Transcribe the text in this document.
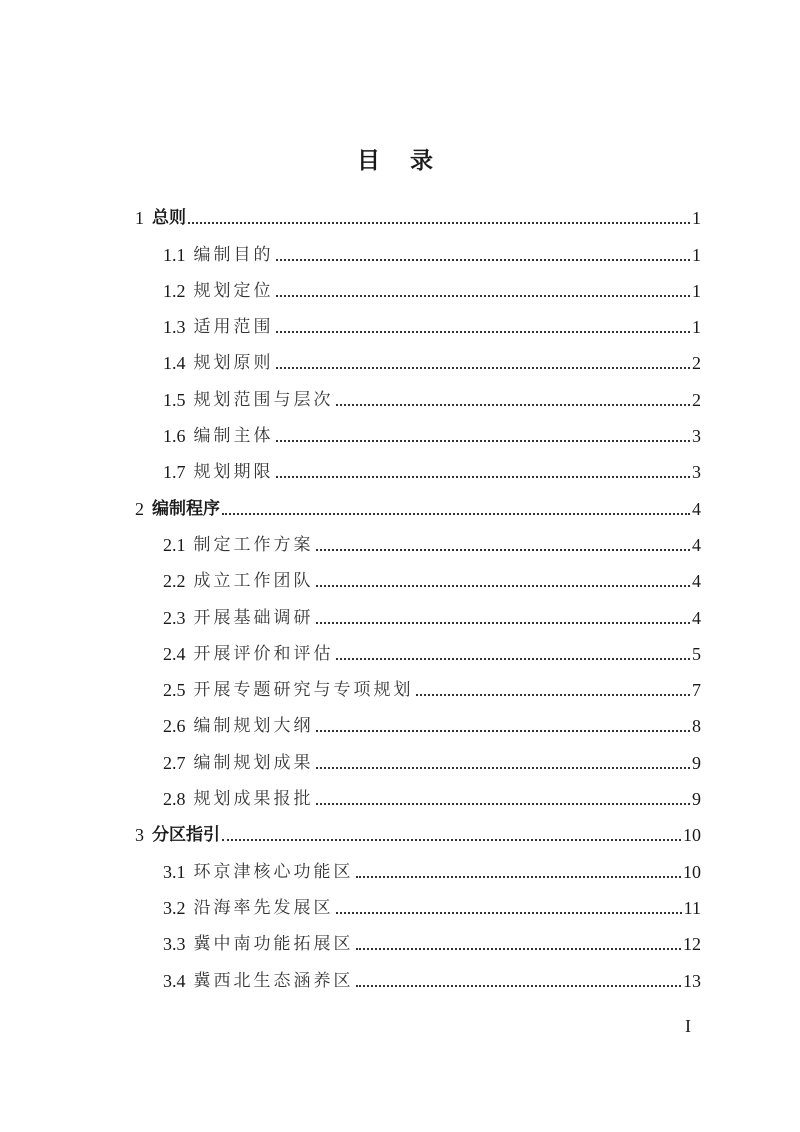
目录
1 总则	1
1.1 编制目的	1
1.2 规划定位	1
1.3 适用范围	1
1.4 规划原则	2
1.5 规划范围与层次	2
1.6 编制主体	3
1.7 规划期限	3
2 编制程序	4
2.1 制定工作方案	4
2.2 成立工作团队	4
2.3 开展基础调研	4
2.4 开展评价和评估	5
2.5 开展专题研究与专项规划	7
2.6 编制规划大纲	8
2.7 编制规划成果	9
2.8 规划成果报批	9
3 分区指引	10
3.1 环京津核心功能区	10
3.2 沿海率先发展区	11
3.3 冀中南功能拓展区	12
3.4 冀西北生态涵养区	13
I
